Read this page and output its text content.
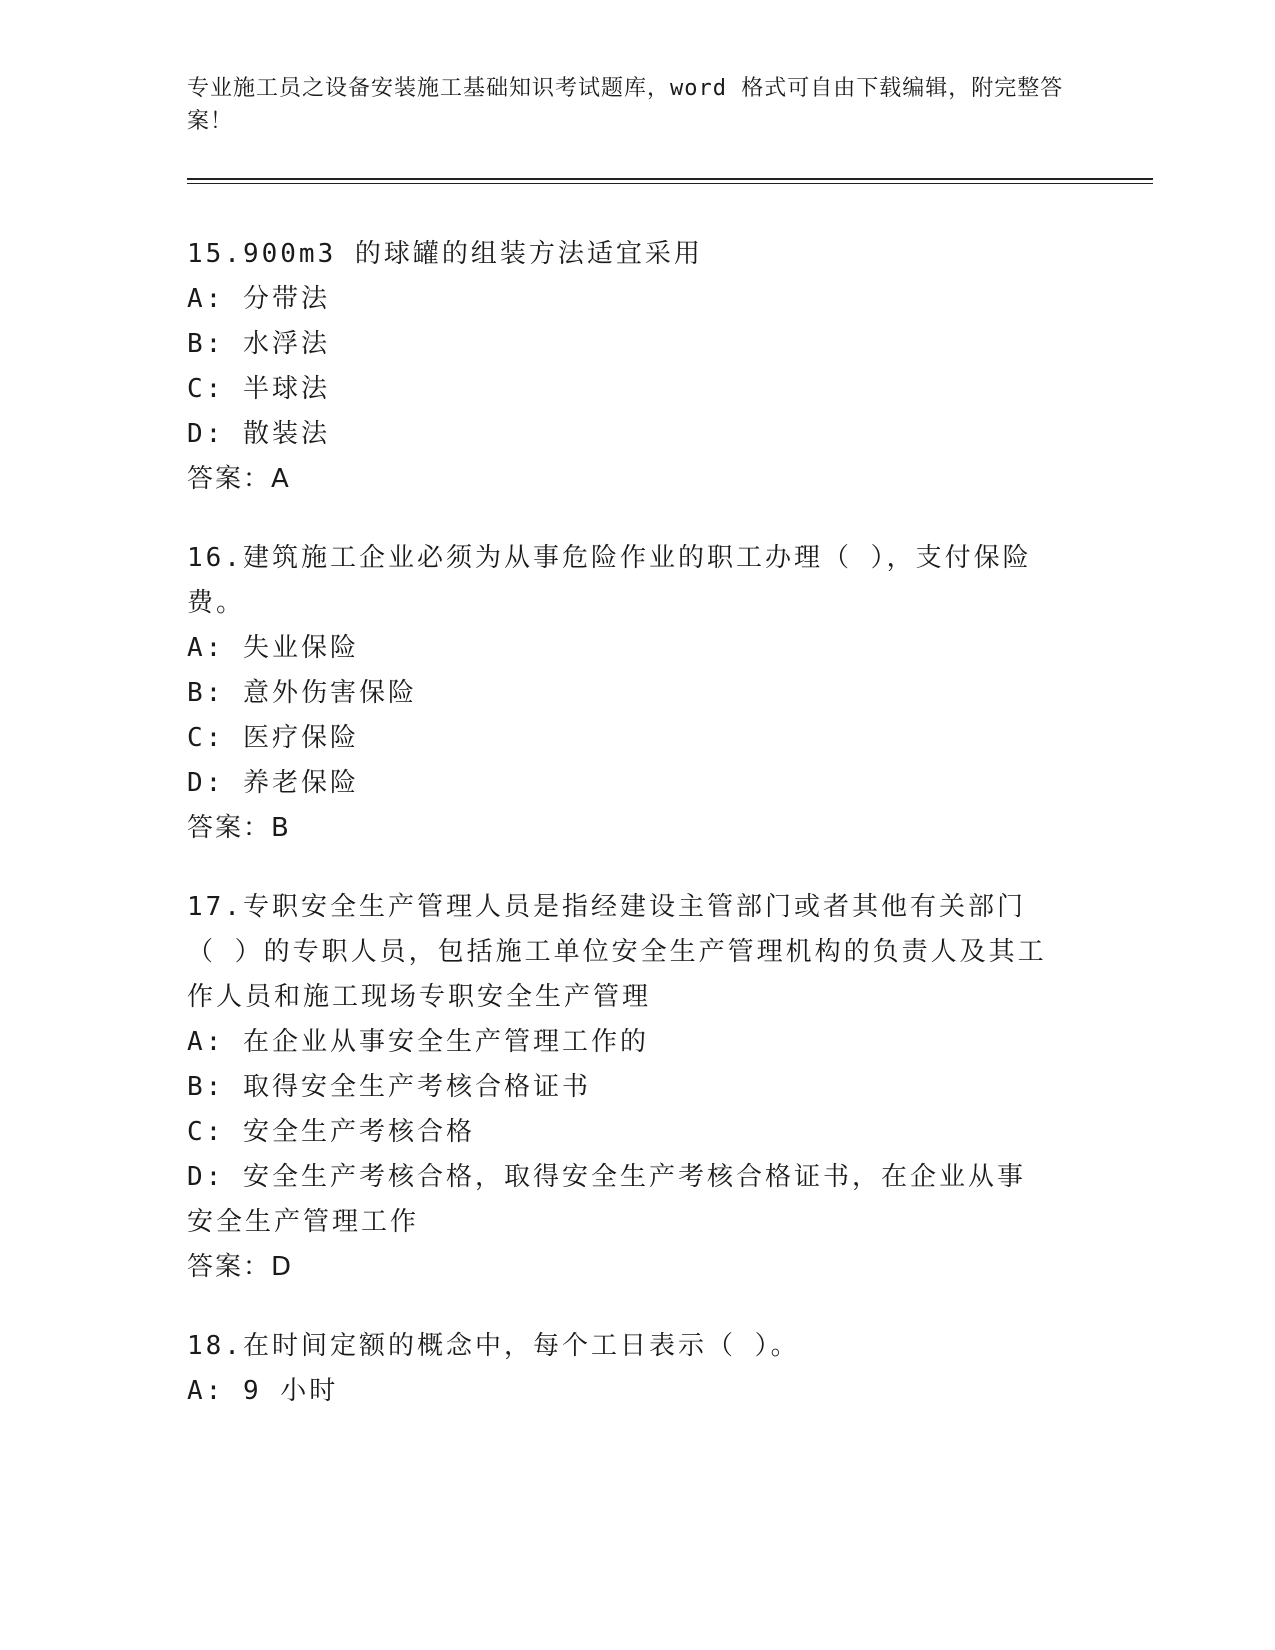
专业施工员之设备安装施工基础知识考试题库，word 格式可自由下载编辑，附完整答案！
15.900m3 的球罐的组装方法适宜采用
A: 分带法
B: 水浮法
C: 半球法
D: 散装法
答案：A
16.建筑施工企业必须为从事危险作业的职工办理（ ），支付保险费。
A: 失业保险
B: 意外伤害保险
C: 医疗保险
D: 养老保险
答案：B
17.专职安全生产管理人员是指经建设主管部门或者其他有关部门（ ）的专职人员，包括施工单位安全生产管理机构的负责人及其工作人员和施工现场专职安全生产管理
A: 在企业从事安全生产管理工作的
B: 取得安全生产考核合格证书
C: 安全生产考核合格
D: 安全生产考核合格，取得安全生产考核合格证书，在企业从事安全生产管理工作
答案：D
18.在时间定额的概念中，每个工日表示（ ）。
A: 9 小时
